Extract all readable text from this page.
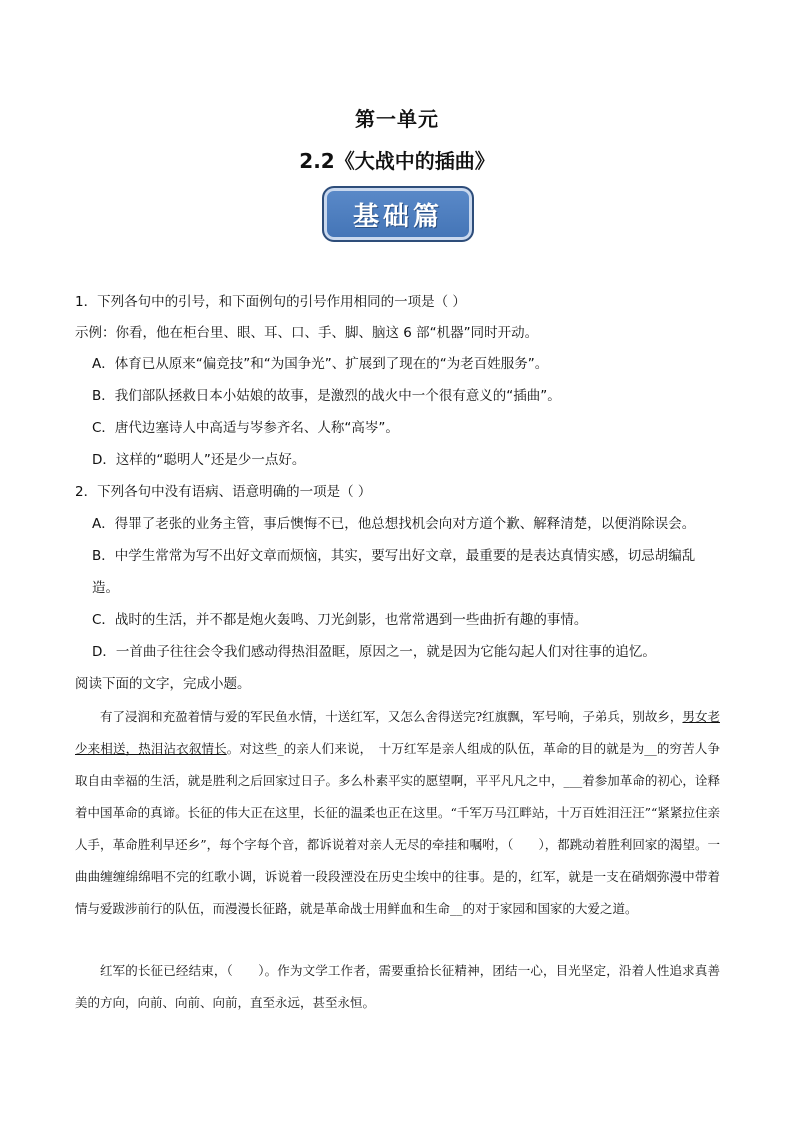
第一单元
2.2《大战中的插曲》
基础篇
1．下列各句中的引号，和下面例句的引号作用相同的一项是（ ）
示例：你看，他在柜台里、眼、耳、口、手、脚、脑这 6 部“机器”同时开动。
A．体育已从原来“偏竞技”和“为国争光”、扩展到了现在的“为老百姓服务”。
B．我们部队拯救日本小姑娘的故事，是激烈的战火中一个很有意义的“插曲”。
C．唐代边塞诗人中高适与岑参齐名、人称“高岑”。
D．这样的“聪明人”还是少一点好。
2．下列各句中没有语病、语意明确的一项是（ ）
A．得罪了老张的业务主管，事后懊悔不已，他总想找机会向对方道个歉、解释清楚，以便消除误会。
B．中学生常常为写不出好文章而烦恼，其实，要写出好文章，最重要的是表达真情实感，切忌胡编乱
造。
C．战时的生活，并不都是炮火轰鸣、刀光剑影，也常常遇到一些曲折有趣的事情。
D．一首曲子往往会令我们感动得热泪盈眶，原因之一，就是因为它能勾起人们对往事的追忆。
阅读下面的文字，完成小题。
有了浸润和充盈着情与爱的军民鱼水情，十送红军，又怎么舍得送完?红旗飘，军号响，子弟兵，别故乡，男女老少来相送，热泪沾衣叙情长。对这些_的亲人们来说，　十万红军是亲人组成的队伍，革命的目的就是为__的穷苦人争取自由幸福的生活，就是胜利之后回家过日子。多么朴素平实的愿望啊，平平凡凡之中，___着参加革命的初心，诠释着中国革命的真谛。长征的伟大正在这里，长征的温柔也正在这里。“千军万马江畔站，十万百姓泪汪汪”“紧紧拉住亲人手，革命胜利早还乡”，每个字每个音，都诉说着对亲人无尽的牵挂和嘱咐，（　　），都跳动着胜利回家的渴望。一曲曲缠缠绵绵唱不完的红歌小调，诉说着一段段湮没在历史尘埃中的往事。是的，红军，就是一支在硝烟弥漫中带着情与爱跋涉前行的队伍，而漫漫长征路，就是革命战士用鲜血和生命__的对于家园和国家的大爱之道。
红军的长征已经结束，（　　）。作为文学工作者，需要重拾长征精神，团结一心，目光坚定，沿着人性追求真善美的方向，向前、向前、向前，直至永远，甚至永恒。
